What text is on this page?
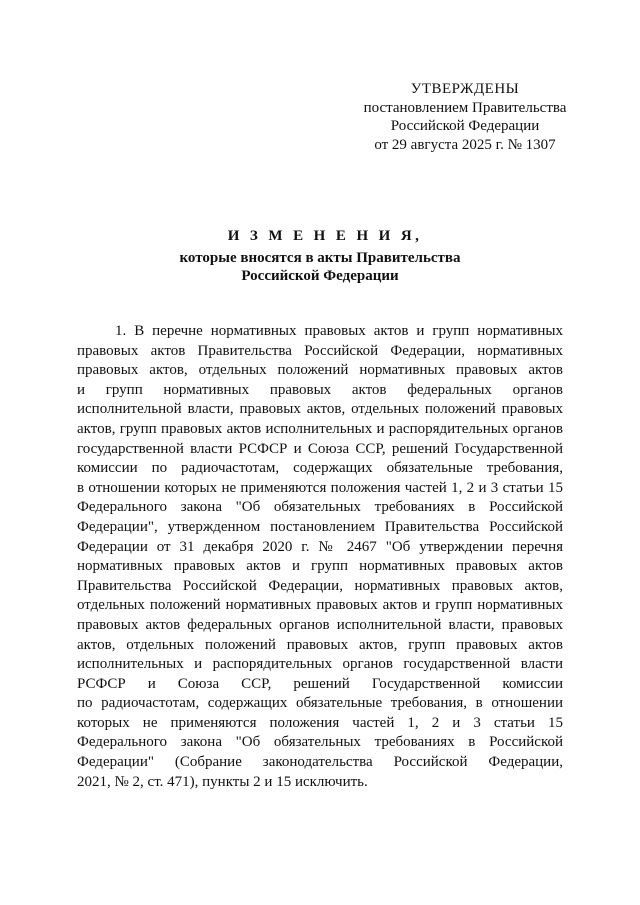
УТВЕРЖДЕНЫ
постановлением Правительства
Российской Федерации
от 29 августа 2025 г. № 1307
И З М Е Н Е Н И Я,
которые вносятся в акты Правительства
Российской Федерации
1. В перечне нормативных правовых актов и групп нормативных
правовых актов Правительства Российской Федерации, нормативных
правовых актов, отдельных положений нормативных правовых актов
и групп нормативных правовых актов федеральных органов
исполнительной власти, правовых актов, отдельных положений правовых
актов, групп правовых актов исполнительных и распорядительных органов
государственной власти РСФСР и Союза ССР, решений Государственной
комиссии по радиочастотам, содержащих обязательные требования,
в отношении которых не применяются положения частей 1, 2 и 3 статьи 15
Федерального закона "Об обязательных требованиях в Российской
Федерации", утвержденном постановлением Правительства Российской
Федерации от 31 декабря 2020 г. № 2467 "Об утверждении перечня
нормативных правовых актов и групп нормативных правовых актов
Правительства Российской Федерации, нормативных правовых актов,
отдельных положений нормативных правовых актов и групп нормативных
правовых актов федеральных органов исполнительной власти, правовых
актов, отдельных положений правовых актов, групп правовых актов
исполнительных и распорядительных органов государственной власти
РСФСР и Союза ССР, решений Государственной комиссии
по радиочастотам, содержащих обязательные требования, в отношении
которых не применяются положения частей 1, 2 и 3 статьи 15
Федерального закона "Об обязательных требованиях в Российской
Федерации" (Собрание законодательства Российской Федерации,
2021, № 2, ст. 471), пункты 2 и 15 исключить.
